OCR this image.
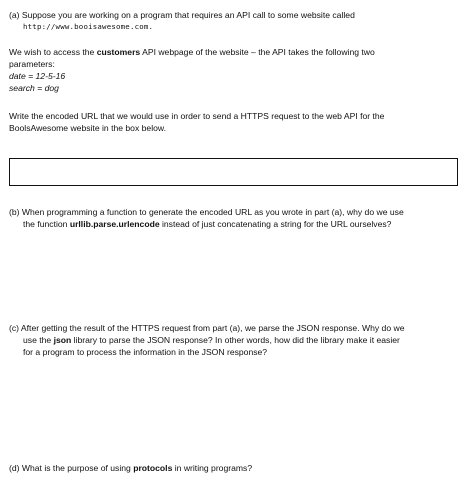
(a) Suppose you are working on a program that requires an API call to some website called
http://www.booisawesome.com.
We wish to access the customers API webpage of the website – the API takes the following two
parameters:
date = 12-5-16
search = dog
Write the encoded URL that we would use in order to send a HTTPS request to the web API for the
BoolsAwesome website in the box below.
(b) When programming a function to generate the encoded URL as you wrote in part (a), why do we use
the function urllib.parse.urlencode instead of just concatenating a string for the URL ourselves?
(c) After getting the result of the HTTPS request from part (a), we parse the JSON response. Why do we
use the json library to parse the JSON response? In other words, how did the library make it easier
for a program to process the information in the JSON response?
(d) What is the purpose of using protocols in writing programs?
